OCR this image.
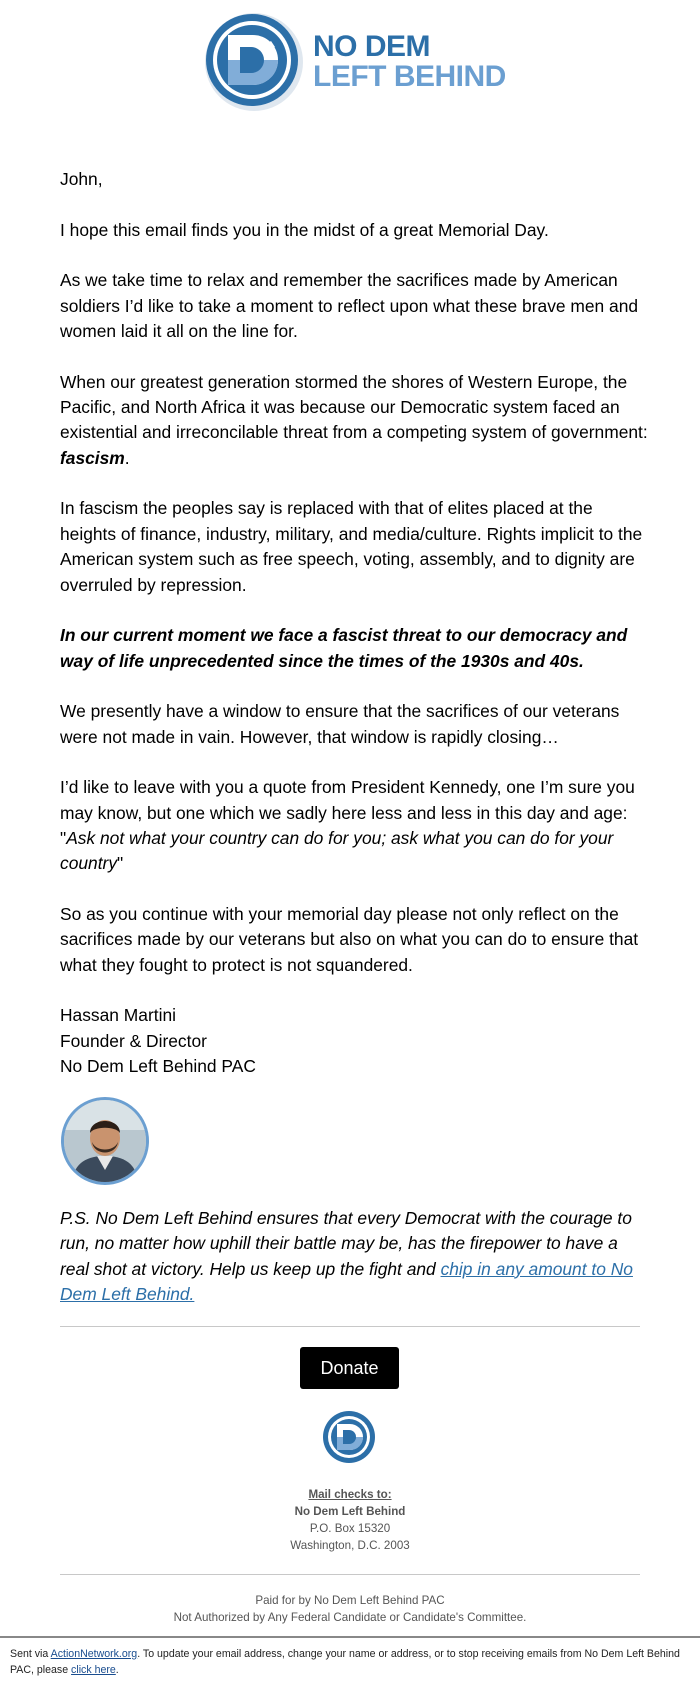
NO DEM
LEFT BEHIND

John,

I hope this email finds you in the midst of a great Memorial Day.

As we take time to relax and remember the sacrifices made by American soldiers I’d like to take a moment to reflect upon what these brave men and women laid it all on the line for.

When our greatest generation stormed the shores of Western Europe, the Pacific, and North Africa it was because our Democratic system faced an existential and irreconcilable threat from a competing system of government: fascism.

In fascism the peoples say is replaced with that of elites placed at the heights of finance, industry, military, and media/culture. Rights implicit to the American system such as free speech, voting, assembly, and to dignity are overruled by repression.

In our current moment we face a fascist threat to our democracy and way of life unprecedented since the times of the 1930s and 40s.

We presently have a window to ensure that the sacrifices of our veterans were not made in vain. However, that window is rapidly closing…

I’d like to leave with you a quote from President Kennedy, one I’m sure you may know, but one which we sadly here less and less in this day and age: "Ask not what your country can do for you; ask what you can do for your country"

So as you continue with your memorial day please not only reflect on the sacrifices made by our veterans but also on what you can do to ensure that what they fought to protect is not squandered.

Hassan Martini

Founder & Director

No Dem Left Behind PAC

P.S. No Dem Left Behind ensures that every Democrat with the courage to run, no matter how uphill their battle may be, has the firepower to have a real shot at victory. Help us keep up the fight and chip in any amount to No Dem Left Behind.
Donate
Mail checks to:
No Dem Left Behind
P.O. Box 15320
Washington, D.C. 2003
Paid for by No Dem Left Behind PAC
Not Authorized by Any Federal Candidate or Candidate's Committee.
Sent via ActionNetwork.org. To update your email address, change your name or address, or to stop receiving emails from No Dem Left Behind PAC, please click here.
